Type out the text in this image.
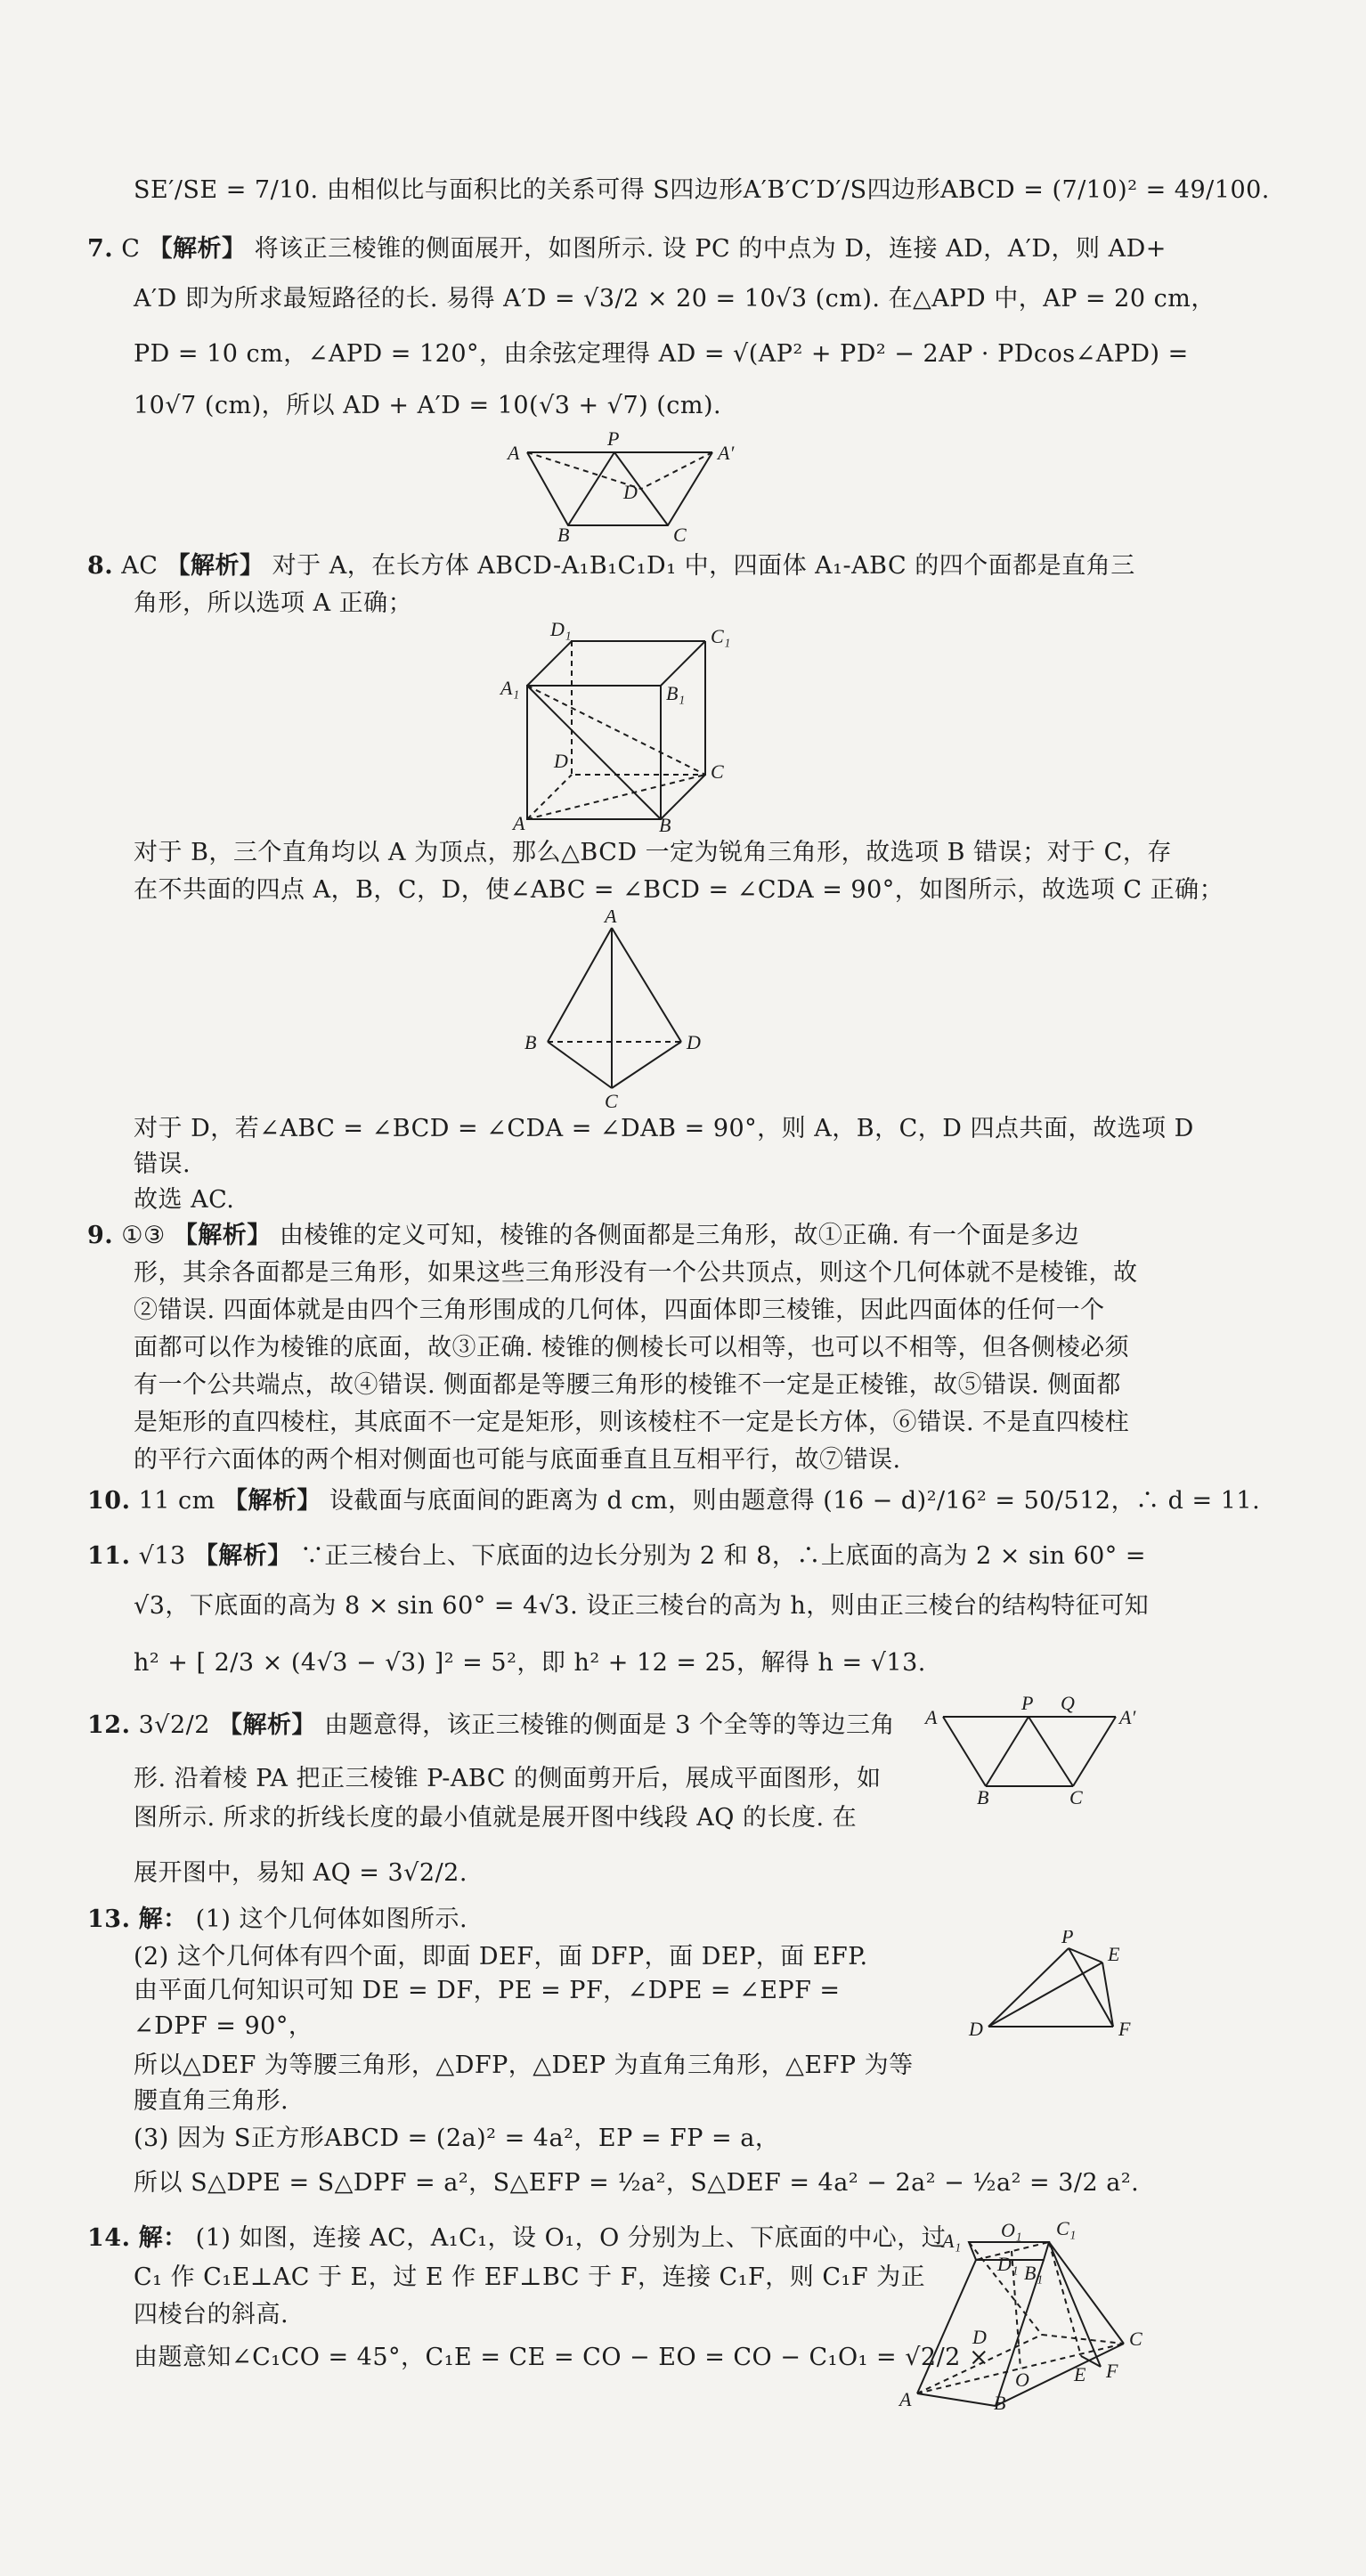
SE′/SE = 7/10. 由相似比与面积比的关系可得 S四边形A′B′C′D′/S四边形ABCD = (7/10)² = 49/100.
7. C 【解析】 将该正三棱锥的侧面展开，如图所示. 设 PC 的中点为 D，连接 AD，A′D，则 AD+
A′D 即为所求最短路径的长. 易得 A′D = √3/2 × 20 = 10√3 (cm). 在△APD 中，AP = 20 cm，
PD = 10 cm，∠APD = 120°，由余弦定理得 AD = √(AP² + PD² − 2AP · PDcos∠APD) =
10√7 (cm)，所以 AD + A′D = 10(√3 + √7) (cm).
A
P
A′
D
B	C
8. AC 【解析】 对于 A，在长方体 ABCD-A₁B₁C₁D₁ 中，四面体 A₁-ABC 的四个面都是直角三
角形，所以选项 A 正确；
D₁	C₁
A₁	B₁
D	C
A	B
对于 B，三个直角均以 A 为顶点，那么△BCD 一定为锐角三角形，故选项 B 错误；对于 C，存
在不共面的四点 A，B，C，D，使∠ABC = ∠BCD = ∠CDA = 90°，如图所示，故选项 C 正确；
A
B	D
C
对于 D，若∠ABC = ∠BCD = ∠CDA = ∠DAB = 90°，则 A，B，C，D 四点共面，故选项 D
错误.
故选 AC.
9. ①③ 【解析】 由棱锥的定义可知，棱锥的各侧面都是三角形，故①正确. 有一个面是多边
形，其余各面都是三角形，如果这些三角形没有一个公共顶点，则这个几何体就不是棱锥，故
②错误. 四面体就是由四个三角形围成的几何体，四面体即三棱锥，因此四面体的任何一个
面都可以作为棱锥的底面，故③正确. 棱锥的侧棱长可以相等，也可以不相等，但各侧棱必须
有一个公共端点，故④错误. 侧面都是等腰三角形的棱锥不一定是正棱锥，故⑤错误. 侧面都
是矩形的直四棱柱，其底面不一定是矩形，则该棱柱不一定是长方体，⑥错误. 不是直四棱柱
的平行六面体的两个相对侧面也可能与底面垂直且互相平行，故⑦错误.
10. 11 cm 【解析】 设截面与底面间的距离为 d cm，则由题意得 (16 − d)²/16² = 50/512，∴ d = 11.
11. √13 【解析】 ∵正三棱台上、下底面的边长分别为 2 和 8，∴上底面的高为 2 × sin 60° =
√3，下底面的高为 8 × sin 60° = 4√3. 设正三棱台的高为 h，则由正三棱台的结构特征可知
h² + [ 2/3 × (4√3 − √3) ]² = 5²，即 h² + 12 = 25，解得 h = √13.
12. 3√2/2 【解析】 由题意得，该正三棱锥的侧面是 3 个全等的等边三角
形. 沿着棱 PA 把正三棱锥 P-ABC 的侧面剪开后，展成平面图形，如
图所示. 所求的折线长度的最小值就是展开图中线段 AQ 的长度. 在
展开图中，易知 AQ = 3√2/2.
A
P Q
A′
B	C
13. 解： (1) 这个几何体如图所示.
(2) 这个几何体有四个面，即面 DEF，面 DFP，面 DEP，面 EFP.
由平面几何知识可知 DE = DF，PE = PF，∠DPE = ∠EPF =
∠DPF = 90°，
所以△DEF 为等腰三角形，△DFP，△DEP 为直角三角形，△EFP 为等
腰直角三角形.
(3) 因为 S正方形ABCD = (2a)² = 4a²，EP = FP = a，
所以 S△DPE = S△DPF = a²，S△EFP = ½a²，S△DEF = 4a² − 2a² − ½a² = 3/2 a².
P
E
D	F
14. 解： (1) 如图，连接 AC，A₁C₁，设 O₁，O 分别为上、下底面的中心，过
C₁ 作 C₁E⊥AC 于 E，过 E 作 EF⊥BC 于 F，连接 C₁F，则 C₁F 为正
四棱台的斜高.
由题意知∠C₁CO = 45°，C₁E = CE = CO − EO = CO − C₁O₁ = √2/2 ×
A₁ O₁ C₁
B₁
D₁
D
E
O
C
F
A	B
